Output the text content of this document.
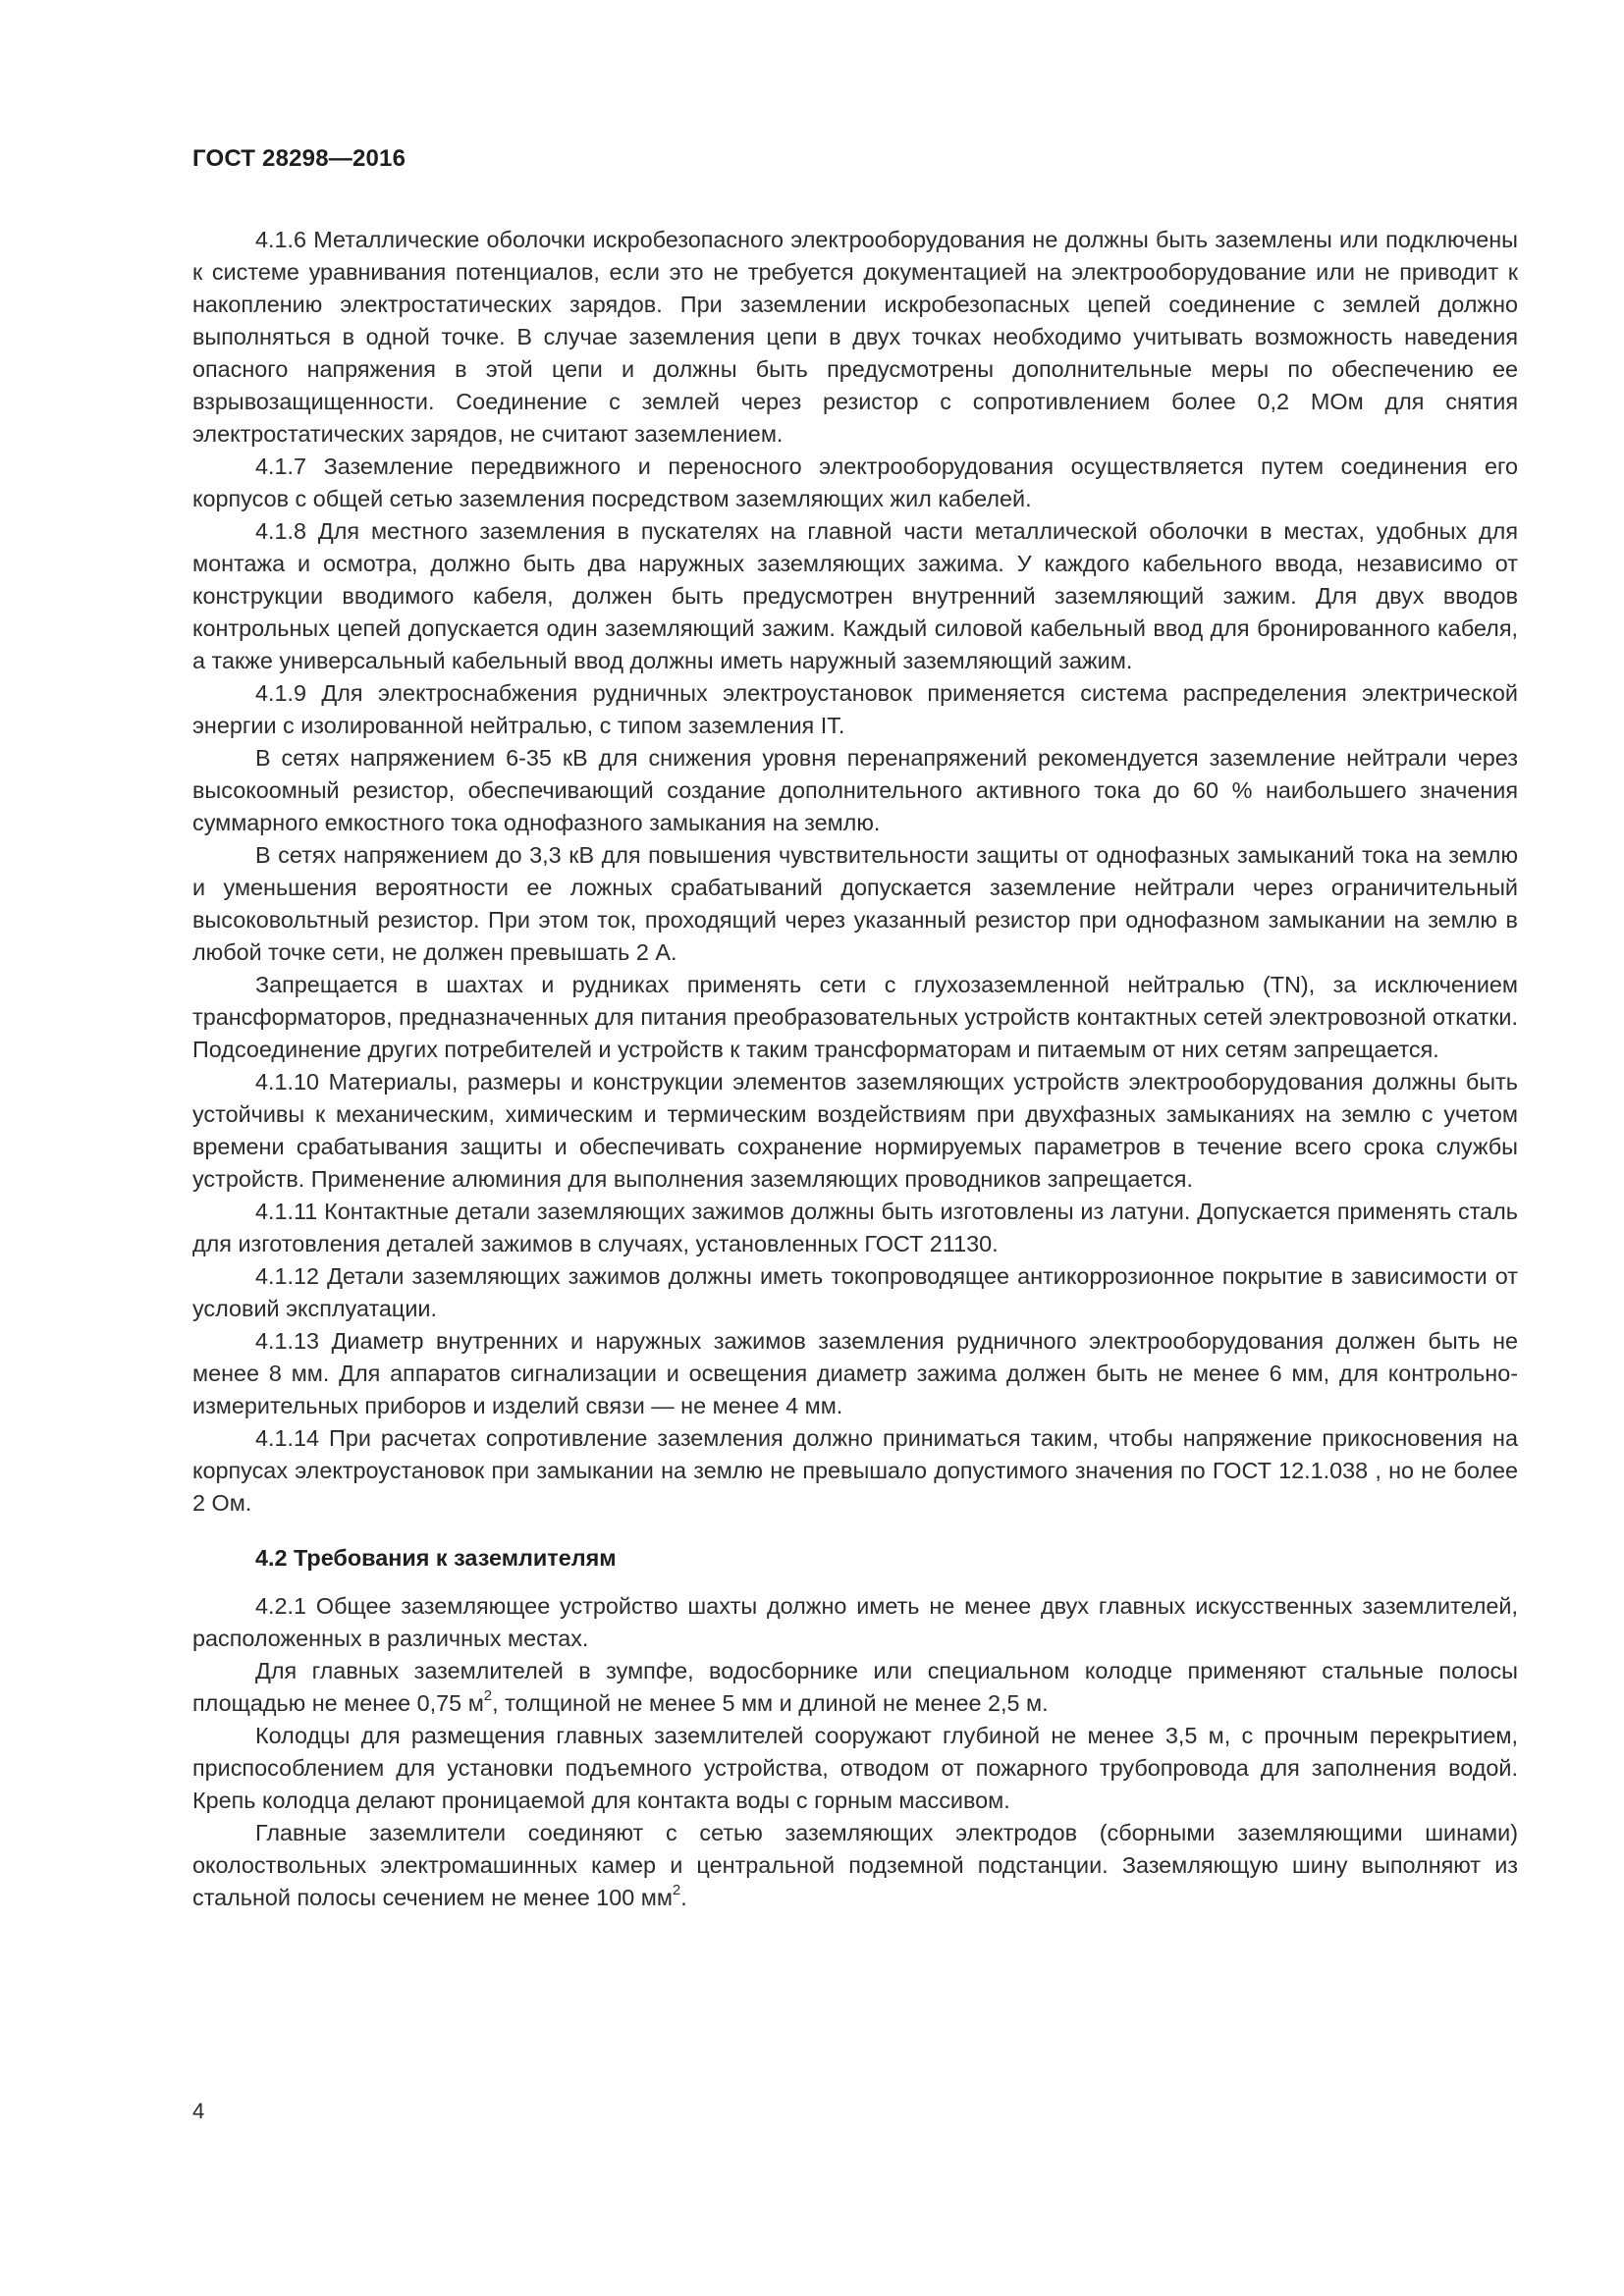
ГОСТ 28298—2016

4.1.6 Металлические оболочки искробезопасного электрооборудования не должны быть заземлены или подключены к системе уравнивания потенциалов, если это не требуется документацией на электрооборудование или не приводит к накоплению электростатических зарядов. При заземлении искробезопасных цепей соединение с землей должно выполняться в одной точке. В случае заземления цепи в двух точках необходимо учитывать возможность наведения опасного напряжения в этой цепи и должны быть предусмотрены дополнительные меры по обеспечению ее взрывозащищенности. Соединение с землей через резистор с сопротивлением более 0,2 МОм для снятия электростатических зарядов, не считают заземлением.

4.1.7 Заземление передвижного и переносного электрооборудования осуществляется путем соединения его корпусов с общей сетью заземления посредством заземляющих жил кабелей.

4.1.8 Для местного заземления в пускателях на главной части металлической оболочки в местах, удобных для монтажа и осмотра, должно быть два наружных заземляющих зажима. У каждого кабельного ввода, независимо от конструкции вводимого кабеля, должен быть предусмотрен внутренний заземляющий зажим. Для двух вводов контрольных цепей допускается один заземляющий зажим. Каждый силовой кабельный ввод для бронированного кабеля, а также универсальный кабельный ввод должны иметь наружный заземляющий зажим.

4.1.9 Для электроснабжения рудничных электроустановок применяется система распределения электрической энергии с изолированной нейтралью, с типом заземления IT.

В сетях напряжением 6-35 кВ для снижения уровня перенапряжений рекомендуется заземление нейтрали через высокоомный резистор, обеспечивающий создание дополнительного активного тока до 60 % наибольшего значения суммарного емкостного тока однофазного замыкания на землю.

В сетях напряжением до 3,3 кВ для повышения чувствительности защиты от однофазных замыканий тока на землю и уменьшения вероятности ее ложных срабатываний допускается заземление нейтрали через ограничительный высоковольтный резистор. При этом ток, проходящий через указанный резистор при однофазном замыкании на землю в любой точке сети, не должен превышать 2 А.

Запрещается в шахтах и рудниках применять сети с глухозаземленной нейтралью (TN), за исключением трансформаторов, предназначенных для питания преобразовательных устройств контактных сетей электровозной откатки. Подсоединение других потребителей и устройств к таким трансформаторам и питаемым от них сетям запрещается.

4.1.10 Материалы, размеры и конструкции элементов заземляющих устройств электрооборудования должны быть устойчивы к механическим, химическим и термическим воздействиям при двухфазных замыканиях на землю с учетом времени срабатывания защиты и обеспечивать сохранение нормируемых параметров в течение всего срока службы устройств. Применение алюминия для выполнения заземляющих проводников запрещается.

4.1.11 Контактные детали заземляющих зажимов должны быть изготовлены из латуни. Допускается применять сталь для изготовления деталей зажимов в случаях, установленных ГОСТ 21130.

4.1.12 Детали заземляющих зажимов должны иметь токопроводящее антикоррозионное покрытие в зависимости от условий эксплуатации.

4.1.13 Диаметр внутренних и наружных зажимов заземления рудничного электрооборудования должен быть не менее 8 мм. Для аппаратов сигнализации и освещения диаметр зажима должен быть не менее 6 мм, для контрольно-измерительных приборов и изделий связи — не менее 4 мм.

4.1.14 При расчетах сопротивление заземления должно приниматься таким, чтобы напряжение прикосновения на корпусах электроустановок при замыкании на землю не превышало допустимого значения по ГОСТ 12.1.038 , но не более 2 Ом.

4.2 Требования к заземлителям

4.2.1 Общее заземляющее устройство шахты должно иметь не менее двух главных искусственных заземлителей, расположенных в различных местах.

Для главных заземлителей в зумпфе, водосборнике или специальном колодце применяют стальные полосы площадью не менее 0,75 $м^2$, толщиной не менее 5 мм и длиной не менее 2,5 м.

Колодцы для размещения главных заземлителей сооружают глубиной не менее 3,5 м, с прочным перекрытием, приспособлением для установки подъемного устройства, отводом от пожарного трубопровода для заполнения водой. Крепь колодца делают проницаемой для контакта воды с горным массивом.

Главные заземлители соединяют с сетью заземляющих электродов (сборными заземляющими шинами) околоствольных электромашинных камер и центральной подземной подстанции. Заземляющую шину выполняют из стальной полосы сечением не менее 100 $мм^2$.

4
